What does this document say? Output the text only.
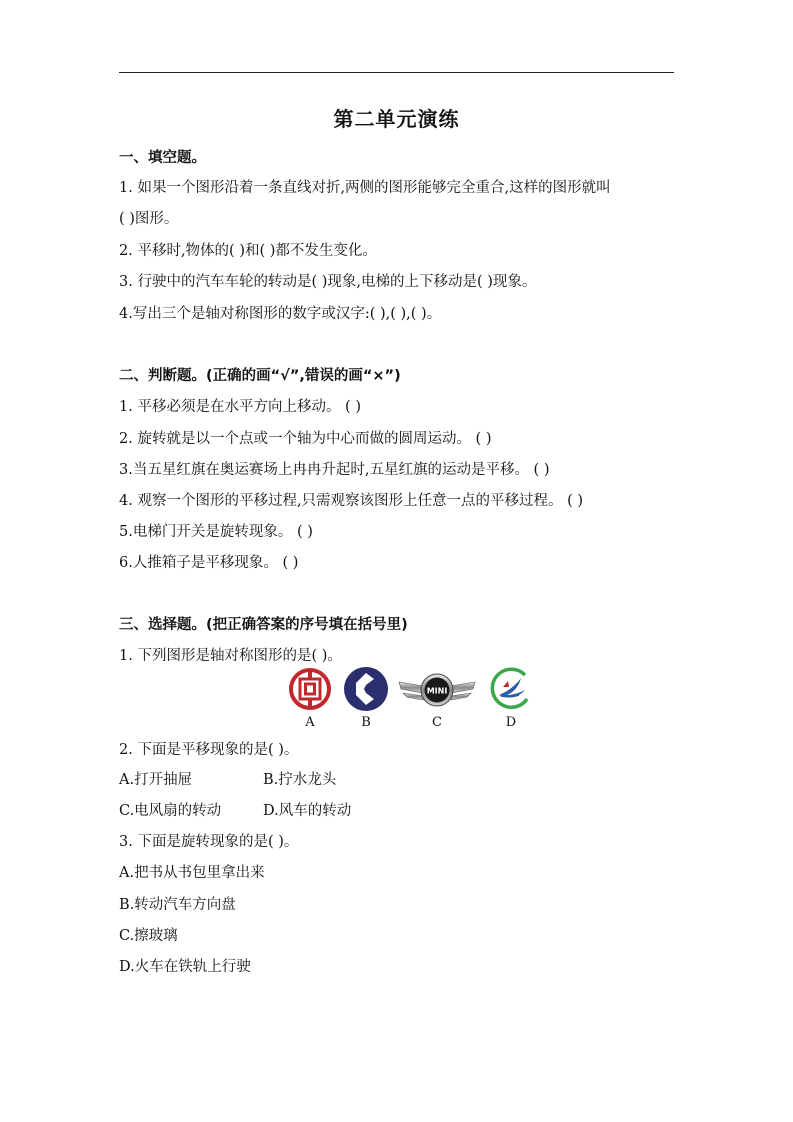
第二单元演练
一、填空题。
1. 如果一个图形沿着一条直线对折,两侧的图形能够完全重合,这样的图形就叫
( )图形。
2. 平移时,物体的( )和( )都不发生变化。
3. 行驶中的汽车车轮的转动是( )现象,电梯的上下移动是( )现象。
4.写出三个是轴对称图形的数字或汉字:( ),( ),( )。
二、判断题。(正确的画“√”,错误的画“×”)
1. 平移必须是在水平方向上移动。 ( )
2. 旋转就是以一个点或一个轴为中心而做的圆周运动。 ( )
3.当五星红旗在奥运赛场上冉冉升起时,五星红旗的运动是平移。 ( )
4. 观察一个图形的平移过程,只需观察该图形上任意一点的平移过程。 ( )
5.电梯门开关是旋转现象。 ( )
6.人推箱子是平移现象。 ( )
三、选择题。(把正确答案的序号填在括号里)
1. 下列图形是轴对称图形的是( )。
A	B
MINI
C	D
2. 下面是平移现象的是( )。
A.打开抽屉	B.拧水龙头
C.电风扇的转动	D.风车的转动
3. 下面是旋转现象的是( )。
A.把书从书包里拿出来
B.转动汽车方向盘
C.擦玻璃
D.火车在铁轨上行驶
